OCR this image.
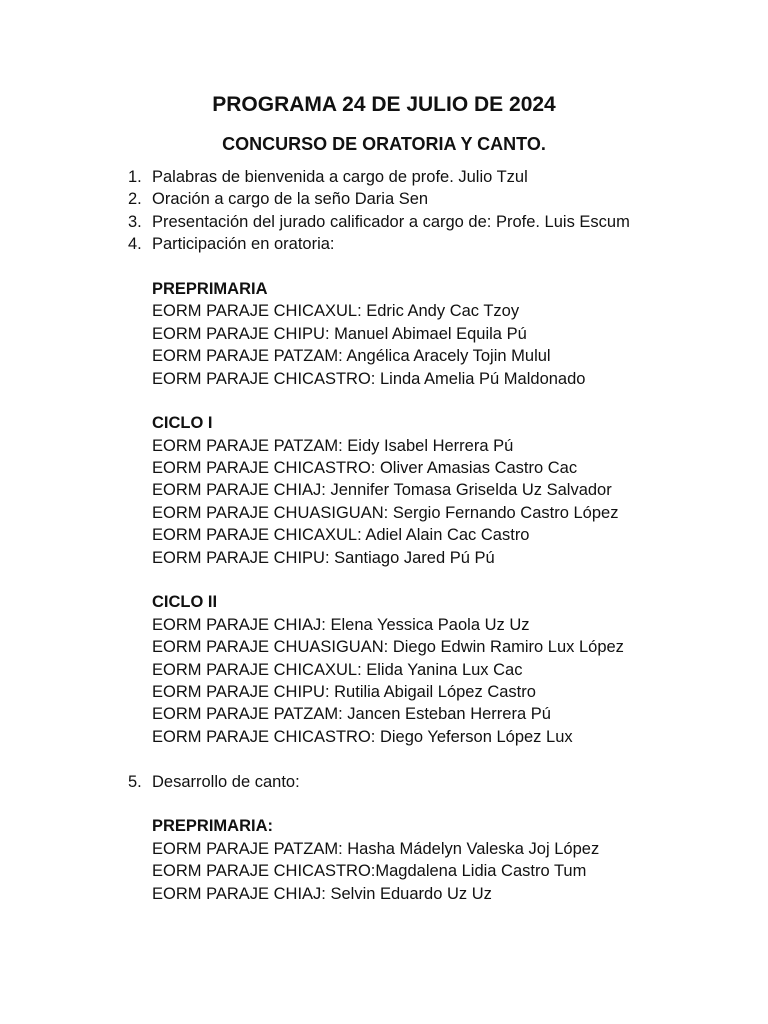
PROGRAMA 24 DE JULIO DE 2024
CONCURSO DE ORATORIA Y CANTO.
1. Palabras de bienvenida a cargo de profe. Julio Tzul
2. Oración a cargo de la seño Daria Sen
3. Presentación del jurado calificador a cargo de: Profe. Luis Escum
4. Participación en oratoria:
PREPRIMARIA
EORM PARAJE CHICAXUL: Edric Andy Cac Tzoy
EORM PARAJE CHIPU: Manuel Abimael Equila Pú
EORM PARAJE PATZAM: Angélica Aracely Tojin Mulul
EORM PARAJE CHICASTRO: Linda Amelia Pú Maldonado
CICLO I
EORM PARAJE PATZAM: Eidy Isabel Herrera Pú
EORM PARAJE CHICASTRO: Oliver Amasias Castro Cac
EORM PARAJE CHIAJ: Jennifer Tomasa Griselda Uz Salvador
EORM PARAJE CHUASIGUAN: Sergio Fernando Castro López
EORM PARAJE CHICAXUL: Adiel Alain Cac Castro
EORM PARAJE CHIPU: Santiago Jared Pú Pú
CICLO II
EORM PARAJE CHIAJ: Elena Yessica Paola Uz Uz
EORM PARAJE CHUASIGUAN: Diego Edwin Ramiro Lux López
EORM PARAJE CHICAXUL: Elida Yanina Lux Cac
EORM PARAJE CHIPU: Rutilia Abigail López Castro
EORM PARAJE PATZAM: Jancen Esteban Herrera Pú
EORM PARAJE CHICASTRO: Diego Yeferson López Lux
5. Desarrollo de canto:
PREPRIMARIA:
EORM PARAJE PATZAM: Hasha Mádelyn Valeska Joj López
EORM PARAJE CHICASTRO:Magdalena Lidia Castro Tum
EORM PARAJE CHIAJ: Selvin Eduardo Uz Uz
